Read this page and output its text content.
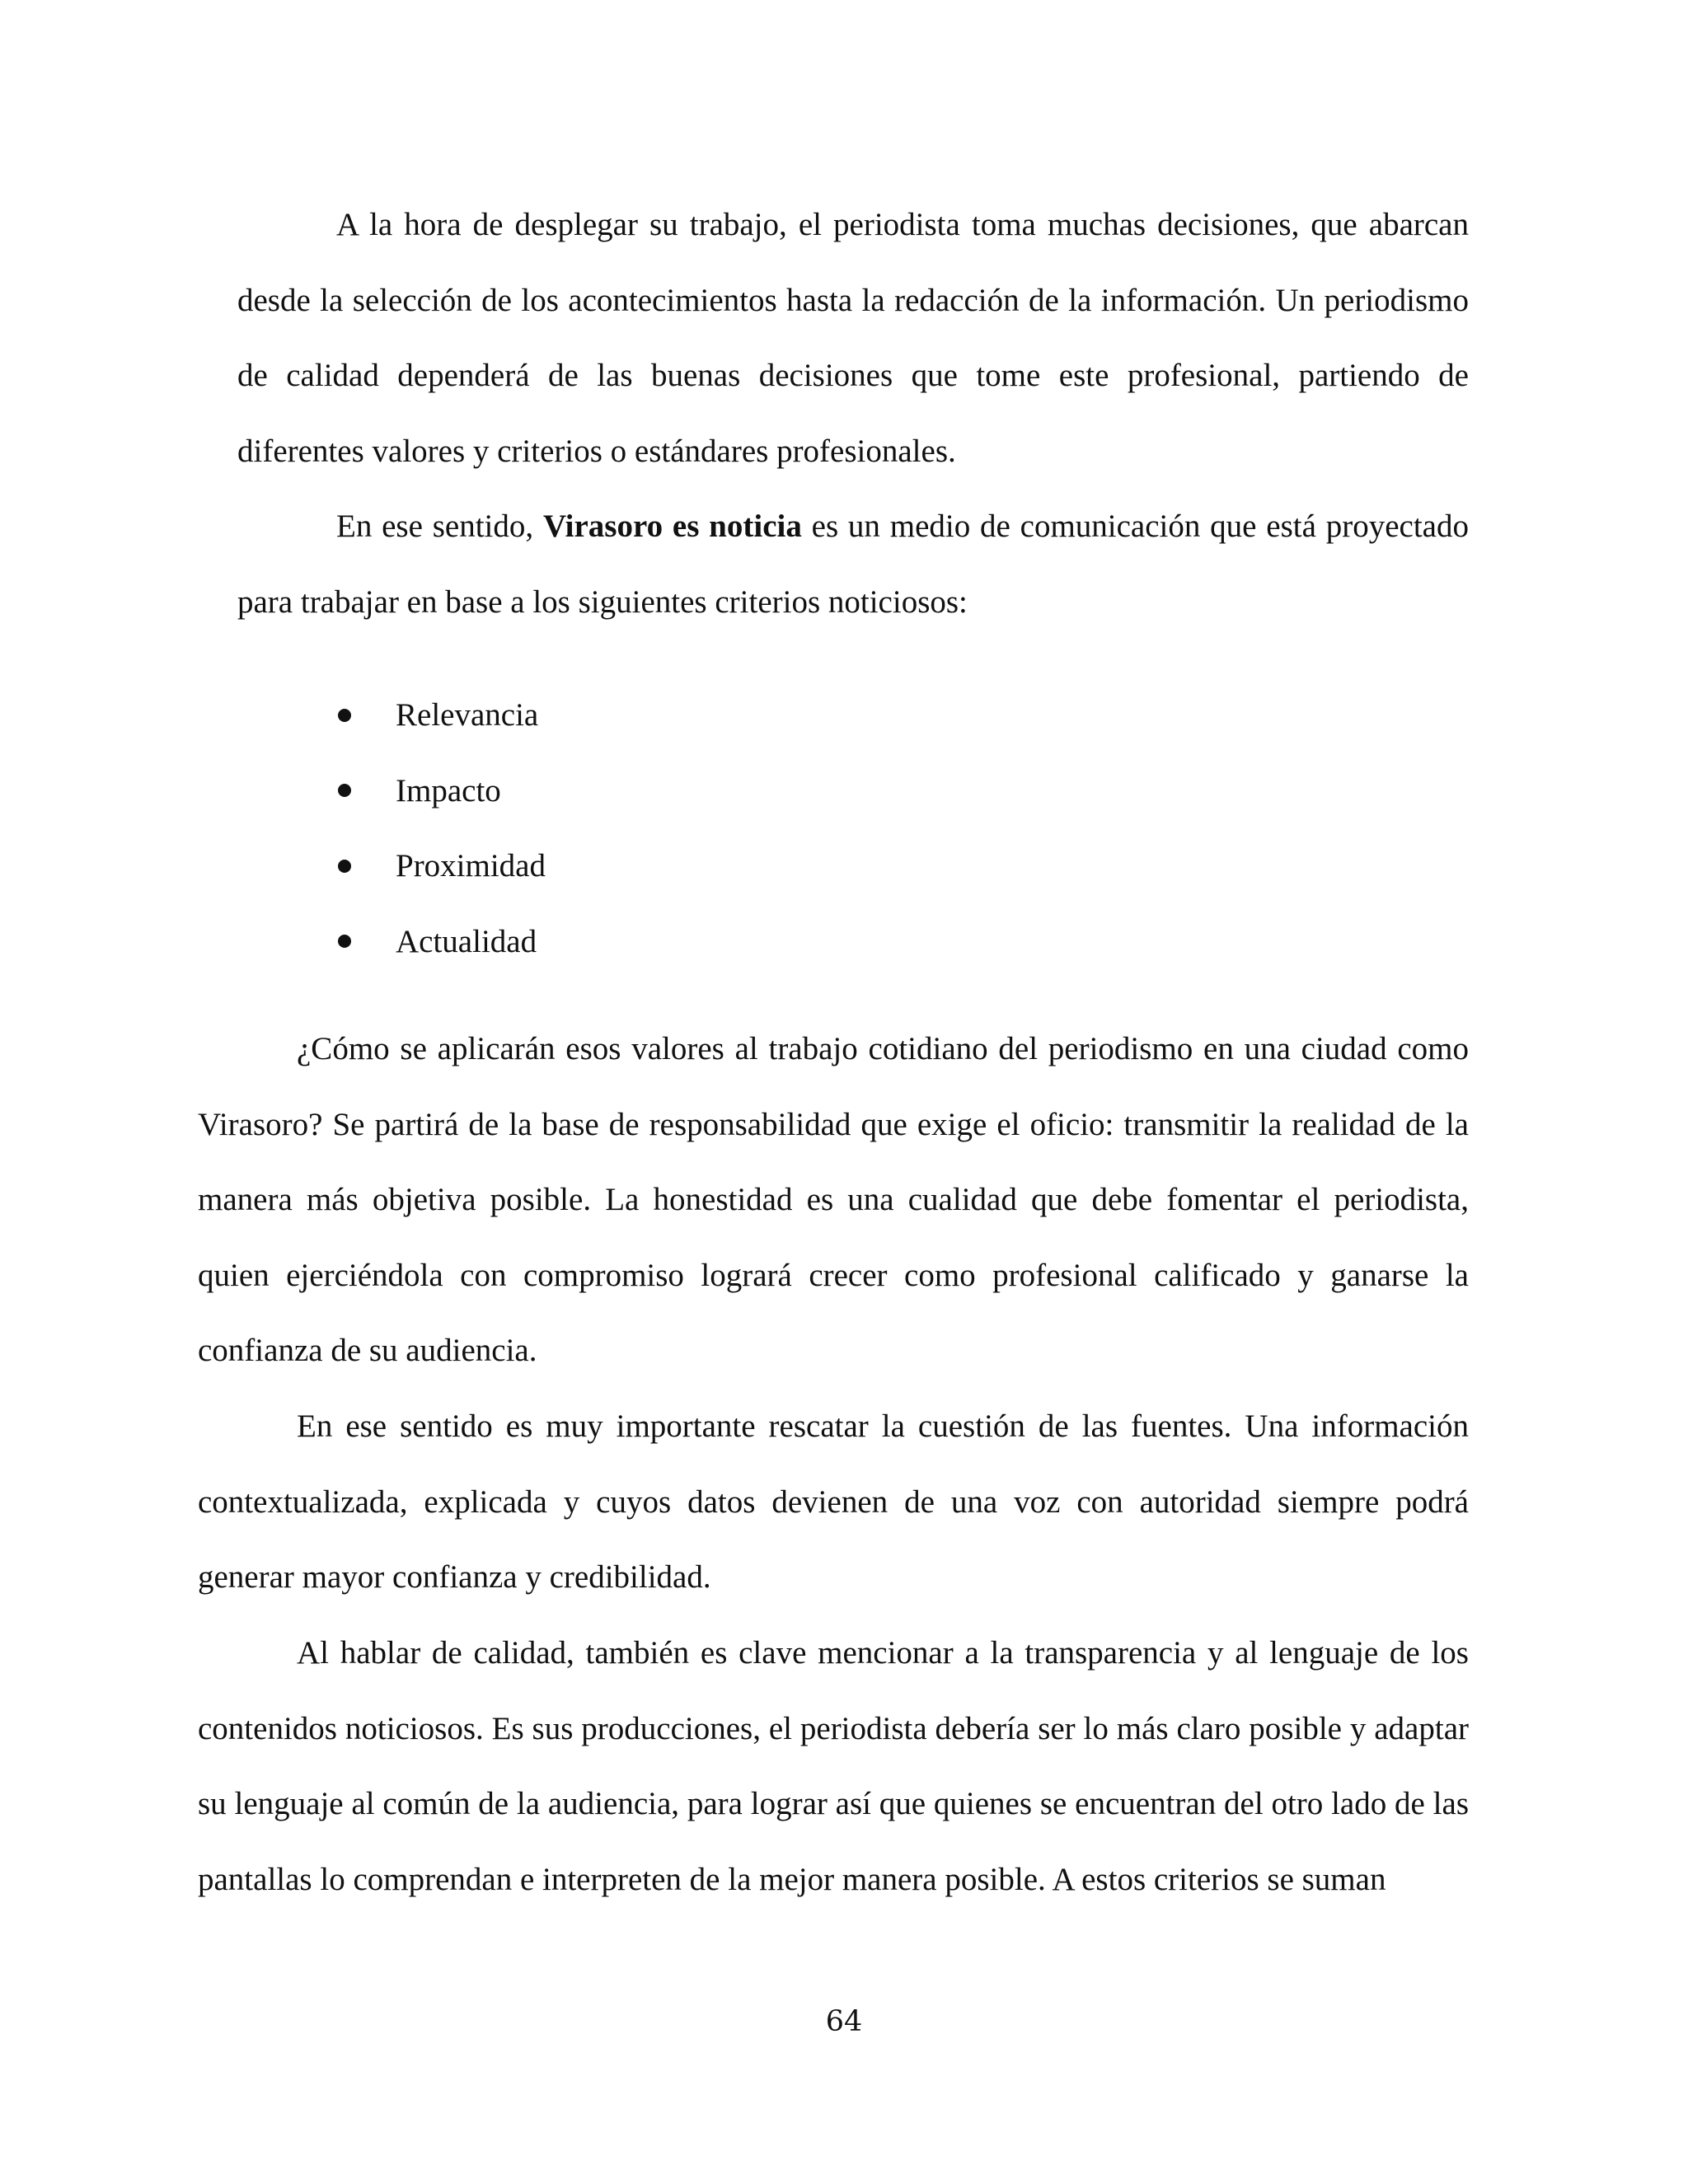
A la hora de desplegar su trabajo, el periodista toma muchas decisiones, que abarcan desde la selección de los acontecimientos hasta la redacción de la información. Un periodismo de calidad dependerá de las buenas decisiones que tome este profesional, partiendo de diferentes valores y criterios o estándares profesionales.

En ese sentido, Virasoro es noticia es un medio de comunicación que está proyectado para trabajar en base a los siguientes criterios noticiosos:

Relevancia
Impacto
Proximidad
Actualidad

¿Cómo se aplicarán esos valores al trabajo cotidiano del periodismo en una ciudad como Virasoro? Se partirá de la base de responsabilidad que exige el oficio: transmitir la realidad de la manera más objetiva posible. La honestidad es una cualidad que debe fomentar el periodista, quien ejerciéndola con compromiso logrará crecer como profesional calificado y ganarse la confianza de su audiencia.

En ese sentido es muy importante rescatar la cuestión de las fuentes. Una información contextualizada, explicada y cuyos datos devienen de una voz con autoridad siempre podrá generar mayor confianza y credibilidad.

Al hablar de calidad, también es clave mencionar a la transparencia y al lenguaje de los contenidos noticiosos. Es sus producciones, el periodista debería ser lo más claro posible y adaptar su lenguaje al común de la audiencia, para lograr así que quienes se encuentran del otro lado de las pantallas lo comprendan e interpreten de la mejor manera posible. A estos criterios se suman

64
